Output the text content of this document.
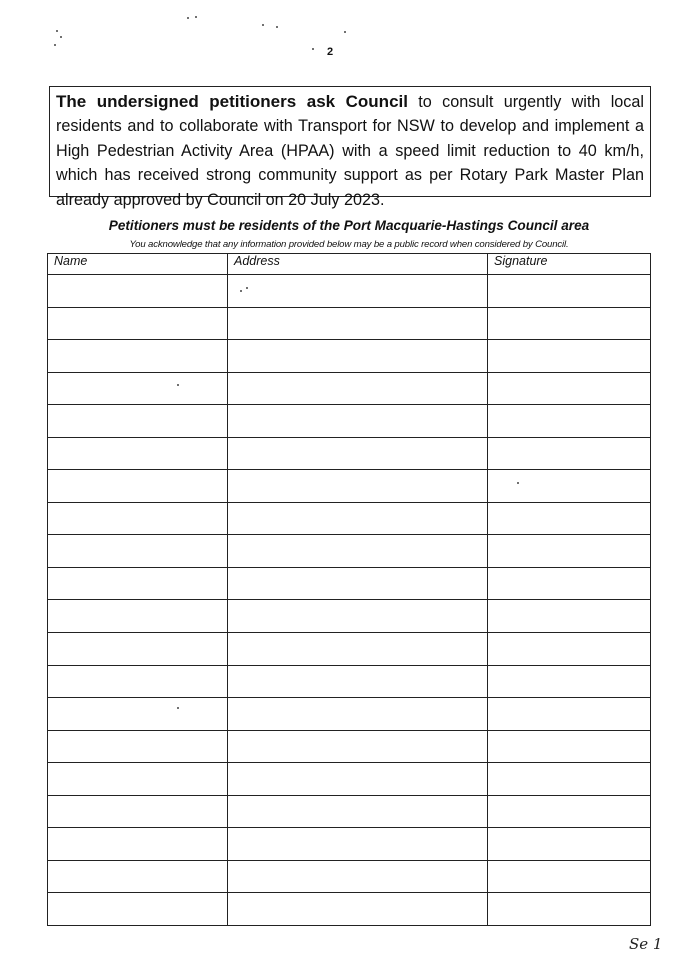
2
The undersigned petitioners ask Council to consult urgently with local residents and to collaborate with Transport for NSW to develop and implement a High Pedestrian Activity Area (HPAA) with a speed limit reduction to 40 km/h, which has received strong community support as per Rotary Park Master Plan already approved by Council on 20 July 2023.
Petitioners must be residents of the Port Macquarie-Hastings Council area
You acknowledge that any information provided below may be a public record when considered by Council.
Name	Address	Signature

Se 1
